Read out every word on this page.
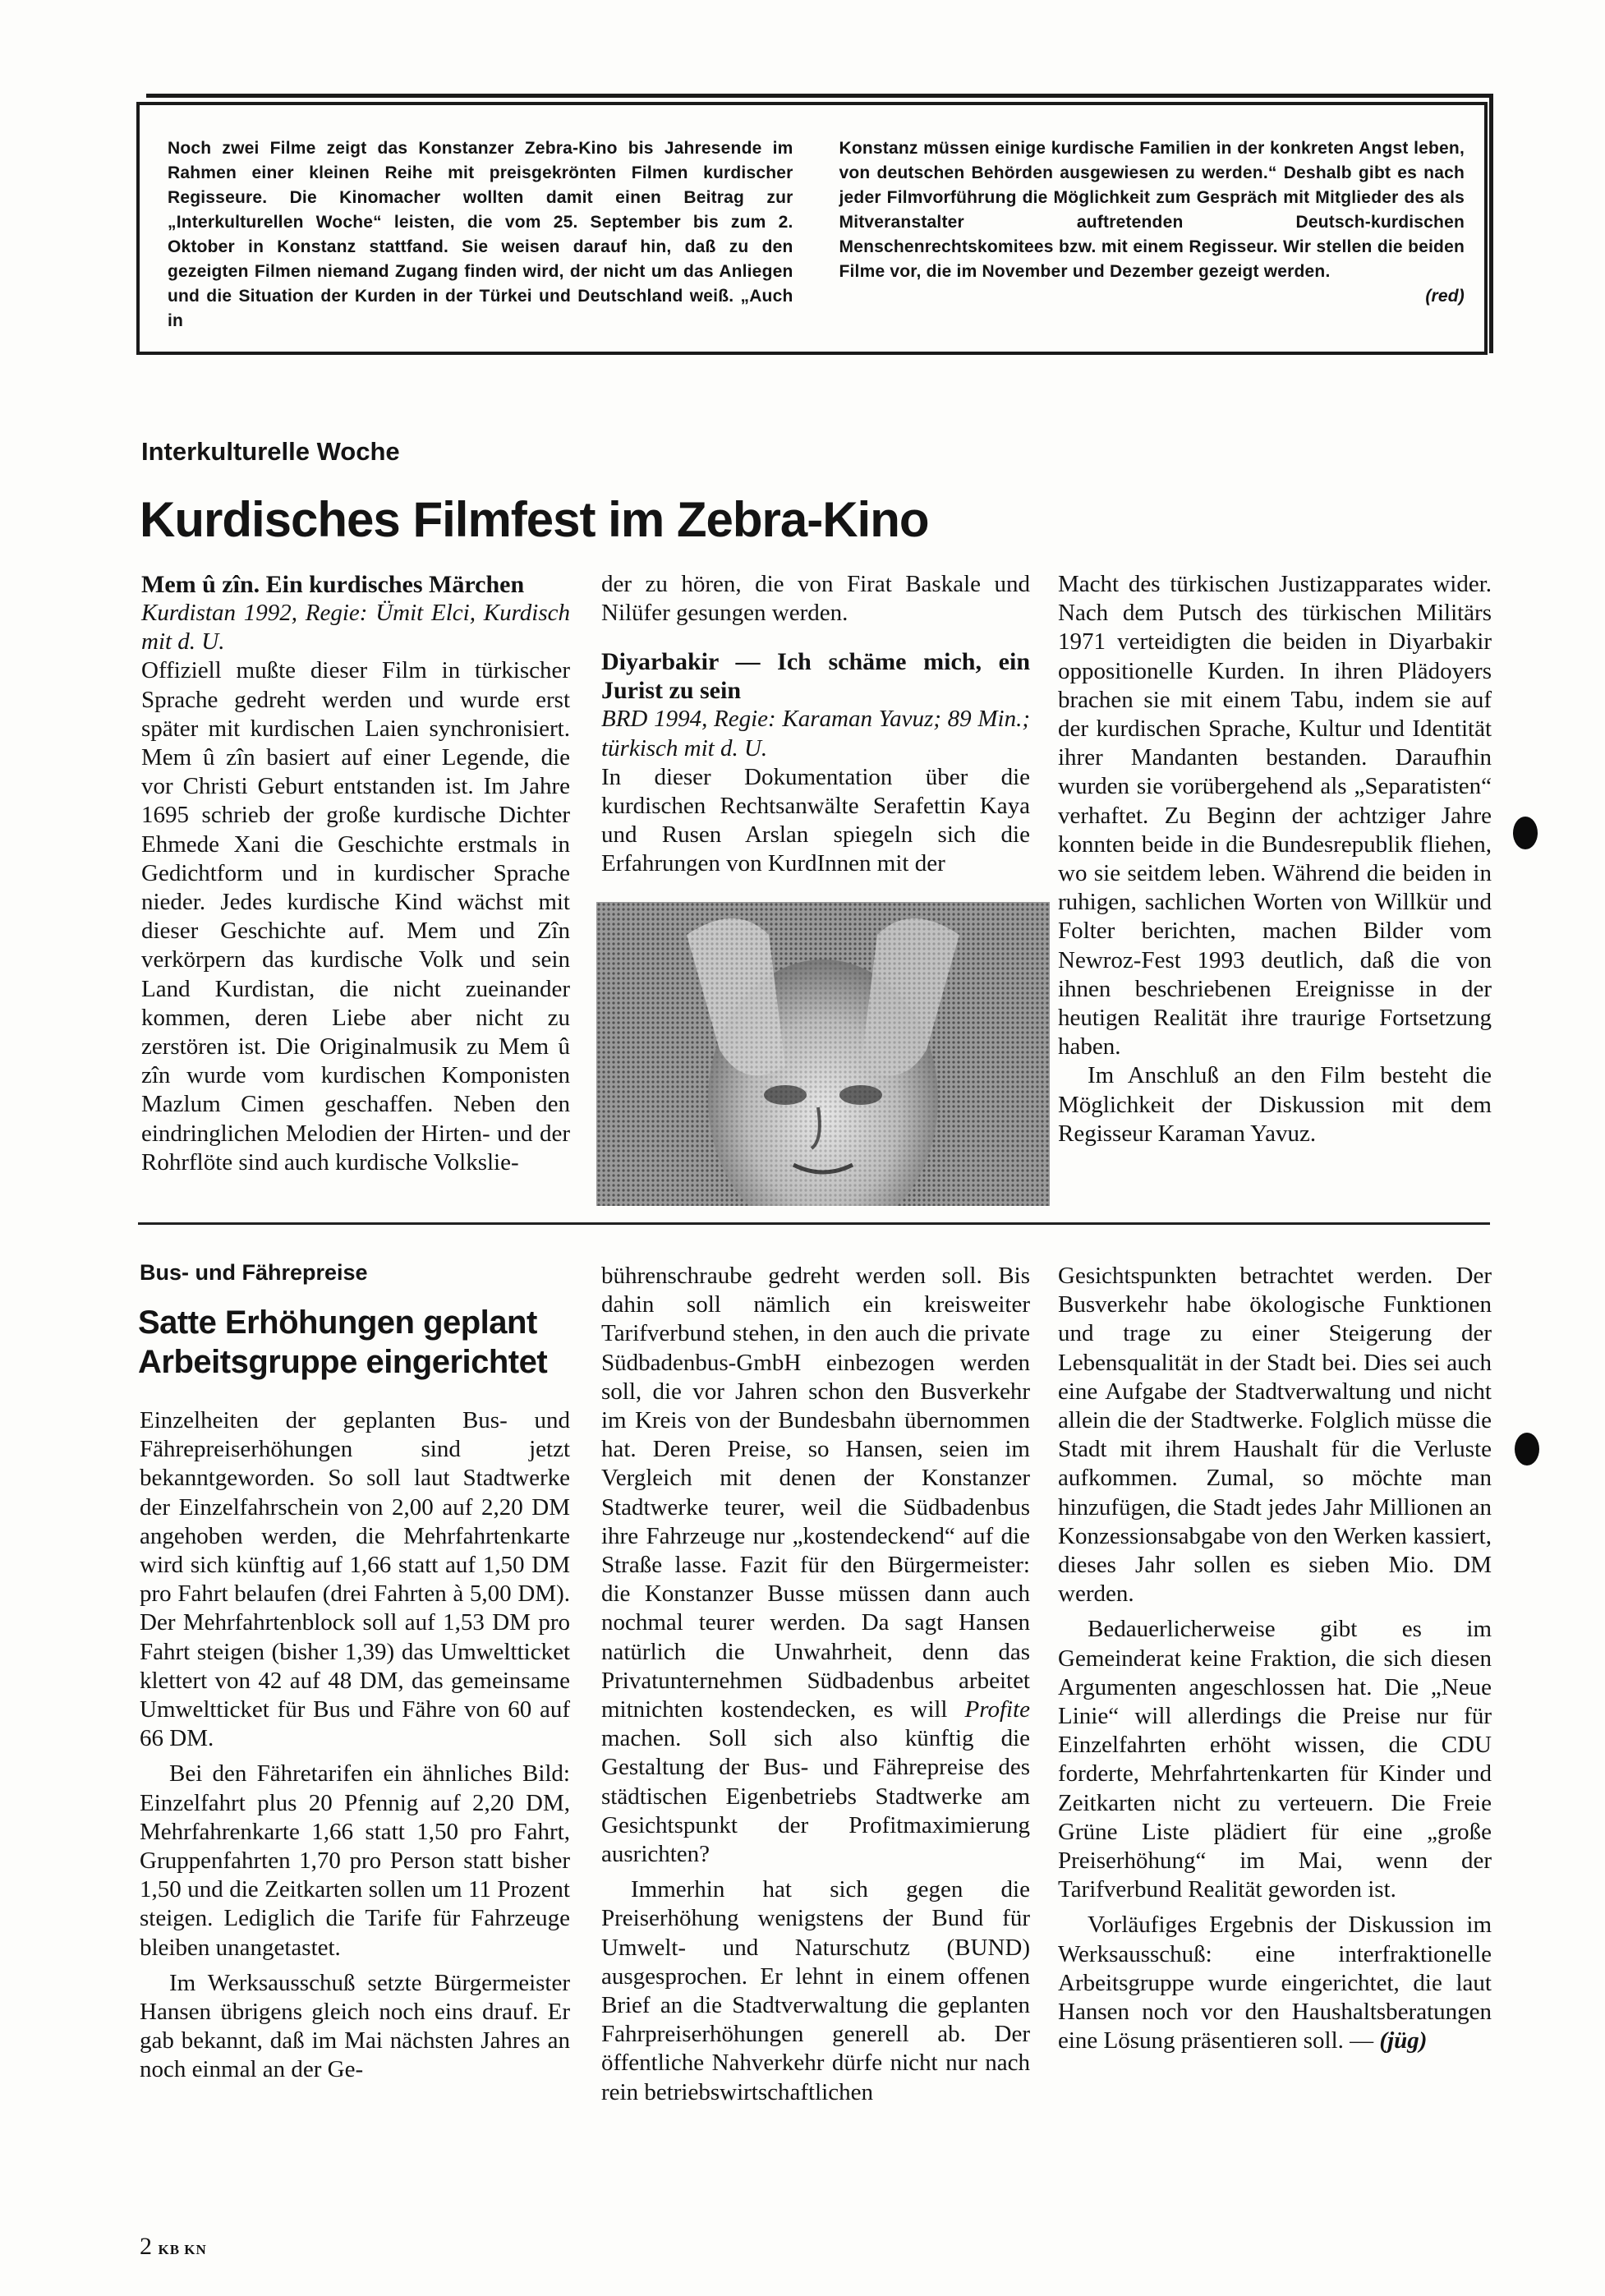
Noch zwei Filme zeigt das Konstanzer Zebra-Kino bis Jahresende im Rahmen einer kleinen Reihe mit preisgekrönten Filmen kurdischer Regisseure. Die Kinomacher wollten damit einen Beitrag zur „Interkulturellen Woche“ leisten, die vom 25. September bis zum 2. Oktober in Konstanz stattfand. Sie weisen darauf hin, daß zu den gezeigten Filmen niemand Zugang finden wird, der nicht um das Anliegen und die Situation der Kurden in der Türkei und Deutschland weiß. „Auch in
Konstanz müssen einige kurdische Familien in der konkreten Angst leben, von deutschen Behörden ausgewiesen zu werden.“ Deshalb gibt es nach jeder Filmvorführung die Möglichkeit zum Gespräch mit Mitglieder des als Mitveranstalter auftretenden Deutsch-kurdischen Menschenrechtskomitees bzw. mit einem Regisseur. Wir stellen die beiden Filme vor, die im November und Dezember gezeigt werden.
(red)
Interkulturelle Woche
Kurdisches Filmfest im Zebra-Kino

Mem û zîn. Ein kurdisches Märchen

Kurdistan 1992, Regie: Ümit Elci, Kurdisch mit d. U.

Offiziell mußte dieser Film in türkischer Sprache gedreht werden und wurde erst später mit kurdischen Laien synchronisiert. Mem û zîn basiert auf einer Legende, die vor Christi Geburt entstanden ist. Im Jahre 1695 schrieb der große kurdische Dichter Ehmede Xani die Geschichte erstmals in Gedichtform und in kurdischer Sprache nieder. Jedes kurdische Kind wächst mit dieser Geschichte auf. Mem und Zîn verkörpern das kurdische Volk und sein Land Kurdistan, die nicht zueinander kommen, deren Liebe aber nicht zu zerstören ist. Die Originalmusik zu Mem û zîn wurde vom kurdischen Komponisten Mazlum Cimen geschaffen. Neben den eindringlichen Melodien der Hirten- und der Rohrflöte sind auch kurdische Volkslie-

der zu hören, die von Firat Baskale und Nilüfer gesungen werden.

Diyarbakir — Ich schäme mich, ein Jurist zu sein

BRD 1994, Regie: Karaman Yavuz; 89 Min.; türkisch mit d. U.

In dieser Dokumentation über die kurdischen Rechtsanwälte Serafettin Kaya und Rusen Arslan spiegeln sich die Erfahrungen von KurdInnen mit der

Macht des türkischen Justizapparates wider. Nach dem Putsch des türkischen Militärs 1971 verteidigten die beiden in Diyarbakir oppositionelle Kurden. In ihren Plädoyers brachen sie mit einem Tabu, indem sie auf der kurdischen Sprache, Kultur und Identität ihrer Mandanten bestanden. Daraufhin wurden sie vorübergehend als „Separatisten“ verhaftet. Zu Beginn der achtziger Jahre konnten beide in die Bundesrepublik fliehen, wo sie seitdem leben. Während die beiden in ruhigen, sachlichen Worten von Willkür und Folter berichten, machen Bilder vom Newroz-Fest 1993 deutlich, daß die von ihnen beschriebenen Ereignisse in der heutigen Realität ihre traurige Fortsetzung haben.

Im Anschluß an den Film besteht die Möglichkeit der Diskussion mit dem Regisseur Karaman Yavuz.

Bus- und Fährepreise
Satte Erhöhungen geplant
Arbeitsgruppe eingerichtet

Einzelheiten der geplanten Bus- und Fährepreiserhöhungen sind jetzt bekanntgeworden. So soll laut Stadtwerke der Einzelfahrschein von 2,00 auf 2,20 DM angehoben werden, die Mehrfahrtenkarte wird sich künftig auf 1,66 statt auf 1,50 DM pro Fahrt belaufen (drei Fahrten à 5,00 DM). Der Mehrfahrtenblock soll auf 1,53 DM pro Fahrt steigen (bisher 1,39) das Umweltticket klettert von 42 auf 48 DM, das gemeinsame Umweltticket für Bus und Fähre von 60 auf 66 DM.

Bei den Fähretarifen ein ähnliches Bild: Einzelfahrt plus 20 Pfennig auf 2,20 DM, Mehrfahrenkarte 1,66 statt 1,50 pro Fahrt, Gruppenfahrten 1,70 pro Person statt bisher 1,50 und die Zeitkarten sollen um 11 Prozent steigen. Lediglich die Tarife für Fahrzeuge bleiben unangetastet.

Im Werksausschuß setzte Bürgermeister Hansen übrigens gleich noch eins drauf. Er gab bekannt, daß im Mai nächsten Jahres an noch einmal an der Ge-

bührenschraube gedreht werden soll. Bis dahin soll nämlich ein kreisweiter Tarifverbund stehen, in den auch die private Südbadenbus-GmbH einbezogen werden soll, die vor Jahren schon den Busverkehr im Kreis von der Bundesbahn übernommen hat. Deren Preise, so Hansen, seien im Vergleich mit denen der Konstanzer Stadtwerke teurer, weil die Südbadenbus ihre Fahrzeuge nur „kostendeckend“ auf die Straße lasse. Fazit für den Bürgermeister: die Konstanzer Busse müssen dann auch nochmal teurer werden. Da sagt Hansen natürlich die Unwahrheit, denn das Privatunternehmen Südbadenbus arbeitet mitnichten kostendecken, es will Profite machen. Soll sich also künftig die Gestaltung der Bus- und Fährepreise des städtischen Eigenbetriebs Stadtwerke am Gesichtspunkt der Profitmaximierung ausrichten?

Immerhin hat sich gegen die Preiserhöhung wenigstens der Bund für Umwelt- und Naturschutz (BUND) ausgesprochen. Er lehnt in einem offenen Brief an die Stadtverwaltung die geplanten Fahrpreiserhöhungen generell ab. Der öffentliche Nahverkehr dürfe nicht nur nach rein betriebswirtschaftlichen

Gesichtspunkten betrachtet werden. Der Busverkehr habe ökologische Funktionen und trage zu einer Steigerung der Lebensqualität in der Stadt bei. Dies sei auch eine Aufgabe der Stadtverwaltung und nicht allein die der Stadtwerke. Folglich müsse die Stadt mit ihrem Haushalt für die Verluste aufkommen. Zumal, so möchte man hinzufügen, die Stadt jedes Jahr Millionen an Konzessionsabgabe von den Werken kassiert, dieses Jahr sollen es sieben Mio. DM werden.

Bedauerlicherweise gibt es im Gemeinderat keine Fraktion, die sich diesen Argumenten angeschlossen hat. Die „Neue Linie“ will allerdings die Preise nur für Einzelfahrten erhöht wissen, die CDU forderte, Mehrfahrtenkarten für Kinder und Zeitkarten nicht zu verteuern. Die Freie Grüne Liste plädiert für eine „große Preiserhöhung“ im Mai, wenn der Tarifverbund Realität geworden ist.

Vorläufiges Ergebnis der Diskussion im Werksausschuß: eine interfraktionelle Arbeitsgruppe wurde eingerichtet, die laut Hansen noch vor den Haushaltsberatungen eine Lösung präsentieren soll. — (jüg)

2 KB KN
